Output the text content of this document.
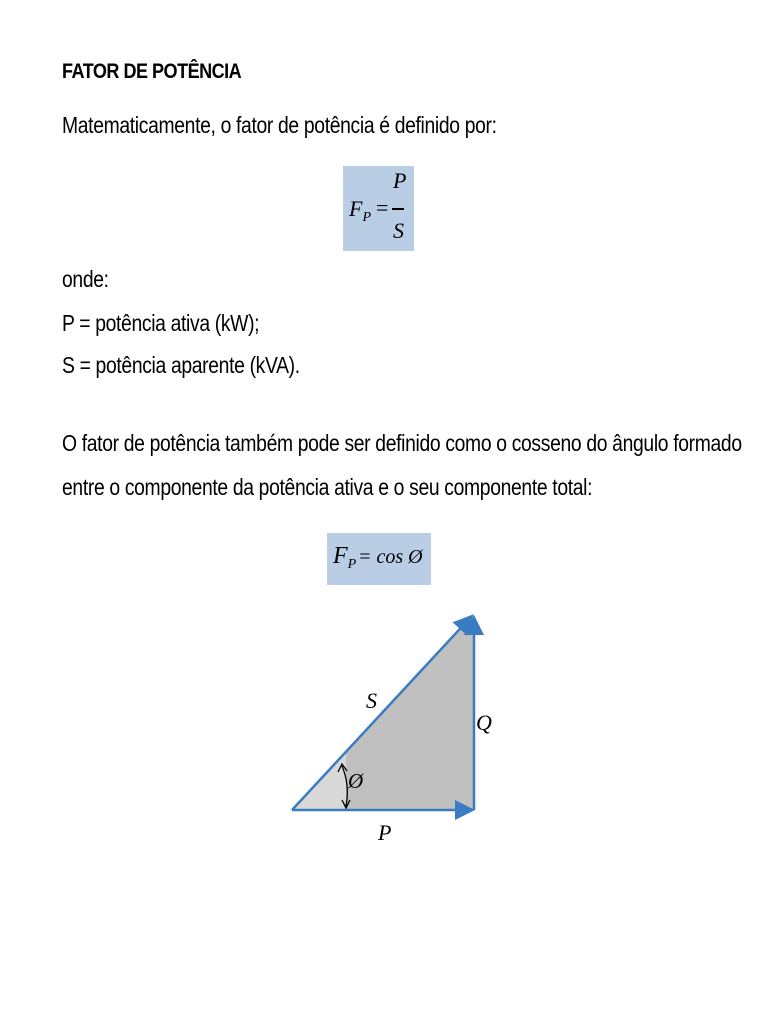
FATOR DE POTÊNCIA
Matematicamente, o fator de potência é definido por:
$F_P$ =
P
S
onde:
P = potência ativa (kW);
S = potência aparente (kVA).
O fator de potência também pode ser definido como o cosseno do ângulo formado
entre o componente da potência ativa e o seu componente total:
$F_P = \cos$ Ø
S
Q
P
Ø
